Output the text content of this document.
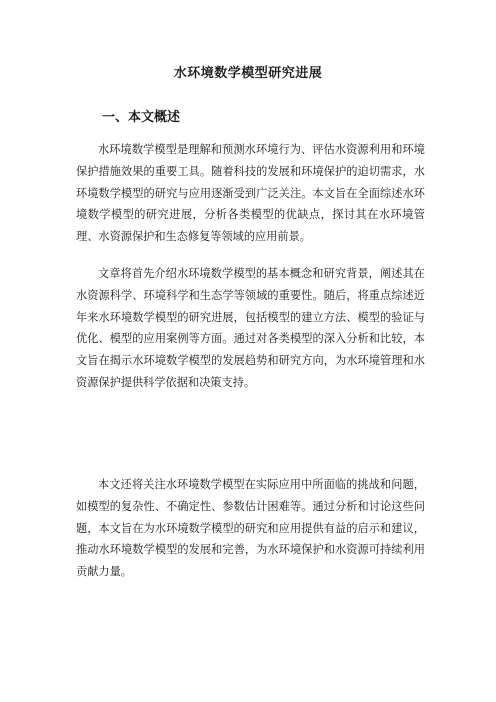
水环境数学模型研究进展
一、本文概述

水环境数学模型是理解和预测水环境行为、评估水资源利用和环境保护措施效果的重要工具。随着科技的发展和环境保护的迫切需求，水环境数学模型的研究与应用逐渐受到广泛关注。本文旨在全面综述水环境数学模型的研究进展，分析各类模型的优缺点，探讨其在水环境管理、水资源保护和生态修复等领域的应用前景。

文章将首先介绍水环境数学模型的基本概念和研究背景，阐述其在水资源科学、环境科学和生态学等领域的重要性。随后，将重点综述近年来水环境数学模型的研究进展，包括模型的建立方法、模型的验证与优化、模型的应用案例等方面。通过对各类模型的深入分析和比较，本文旨在揭示水环境数学模型的发展趋势和研究方向，为水环境管理和水资源保护提供科学依据和决策支持。

本文还将关注水环境数学模型在实际应用中所面临的挑战和问题，如模型的复杂性、不确定性、参数估计困难等。通过分析和讨论这些问题，本文旨在为水环境数学模型的研究和应用提供有益的启示和建议，推动水环境数学模型的发展和完善，为水环境保护和水资源可持续利用贡献力量。
